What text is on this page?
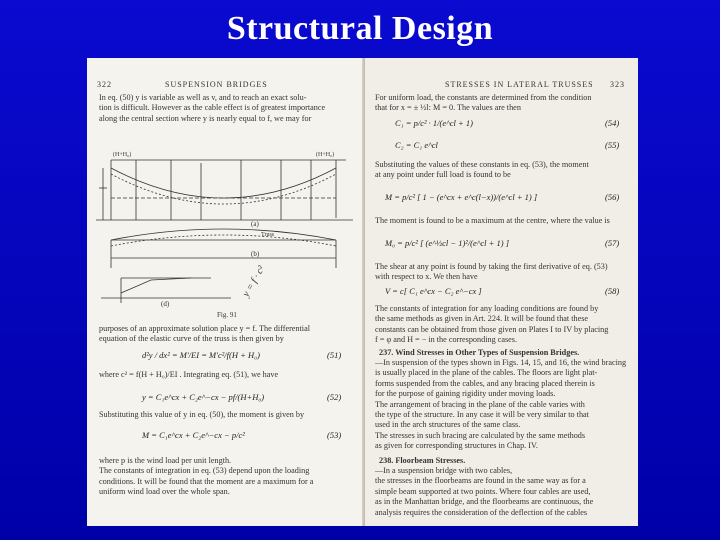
Structural Design
322	SUSPENSION BRIDGES
In eq. (50) y is variable as well as v, and to reach an exact solu-
tion is difficult. However as the cable effect is of greatest importance
along the central section where y is nearly equal to f, we may for
(H+H₀)	(H+H₀)
(a)
Truss
(b)
(d)
Fig. 91
y = f · c²
purposes of an approximate solution place y = f. The differential
equation of the elastic curve of the truss is then given by
d²y / dx² = M′/EI = M′c²/f(H + H₀)	(51)
where c² = f(H + H₀)/EI . Integrating eq. (51), we have
y = C₁e^cx + C₂e^−cx − pf/(H+H₀)	(52)
Substituting this value of y in eq. (50), the moment is given by
M = C₁e^cx + C₂e^−cx − p/c²	(53)
where p is the wind load per unit length.
The constants of integration in eq. (53) depend upon the loading
conditions. It will be found that the moment are a maximum for a
uniform wind load over the whole span.
STRESSES IN LATERAL TRUSSES 323
For uniform load, the constants are determined from the condition
that for x = ± ½l: M = 0. The values are then
C₁ = p/c² · 1/(e^cl + 1)	(54)
C₂ = C₁ e^cl	(55)
Substituting the values of these constants in eq. (53), the moment
at any point under full load is found to be
M = p/c² [ 1 − (e^cx + e^c(l−x))/(e^cl + 1) ]	(56)
The moment is found to be a maximum at the centre, where the value is
M₀ = p/c² [ (e^½cl − 1)²/(e^cl + 1) ]	(57)
The shear at any point is found by taking the first derivative of eq. (53)
with respect to x. We then have
V = c[ C₁ e^cx − C₂ e^−cx ]	(58)
The constants of integration for any loading conditions are found by
the same methods as given in Art. 224. It will be found that these
constants can be obtained from those given on Plates I to IV by placing
f = φ and H = − in the corresponding cases.
237. Wind Stresses in Other Types of Suspension Bridges.
—In suspension of the types shown in Figs. 14, 15, and 16, the wind bracing
is usually placed in the plane of the cables. The floors are light plat-
forms suspended from the cables, and any bracing placed therein is
for the purpose of gaining rigidity under moving loads.
The arrangement of bracing in the plane of the cable varies with
the type of the structure. In any case it will be very similar to that
used in the arch structures of the same class.
The stresses in such bracing are calculated by the same methods
as given for corresponding structures in Chap. IV.
238. Floorbeam Stresses.
—In a suspension bridge with two cables,
the stresses in the floorbeams are found in the same way as for a
simple beam supported at two points. Where four cables are used,
as in the Manhattan bridge, and the floorbeams are continuous, the
analysis requires the consideration of the deflection of the cables
